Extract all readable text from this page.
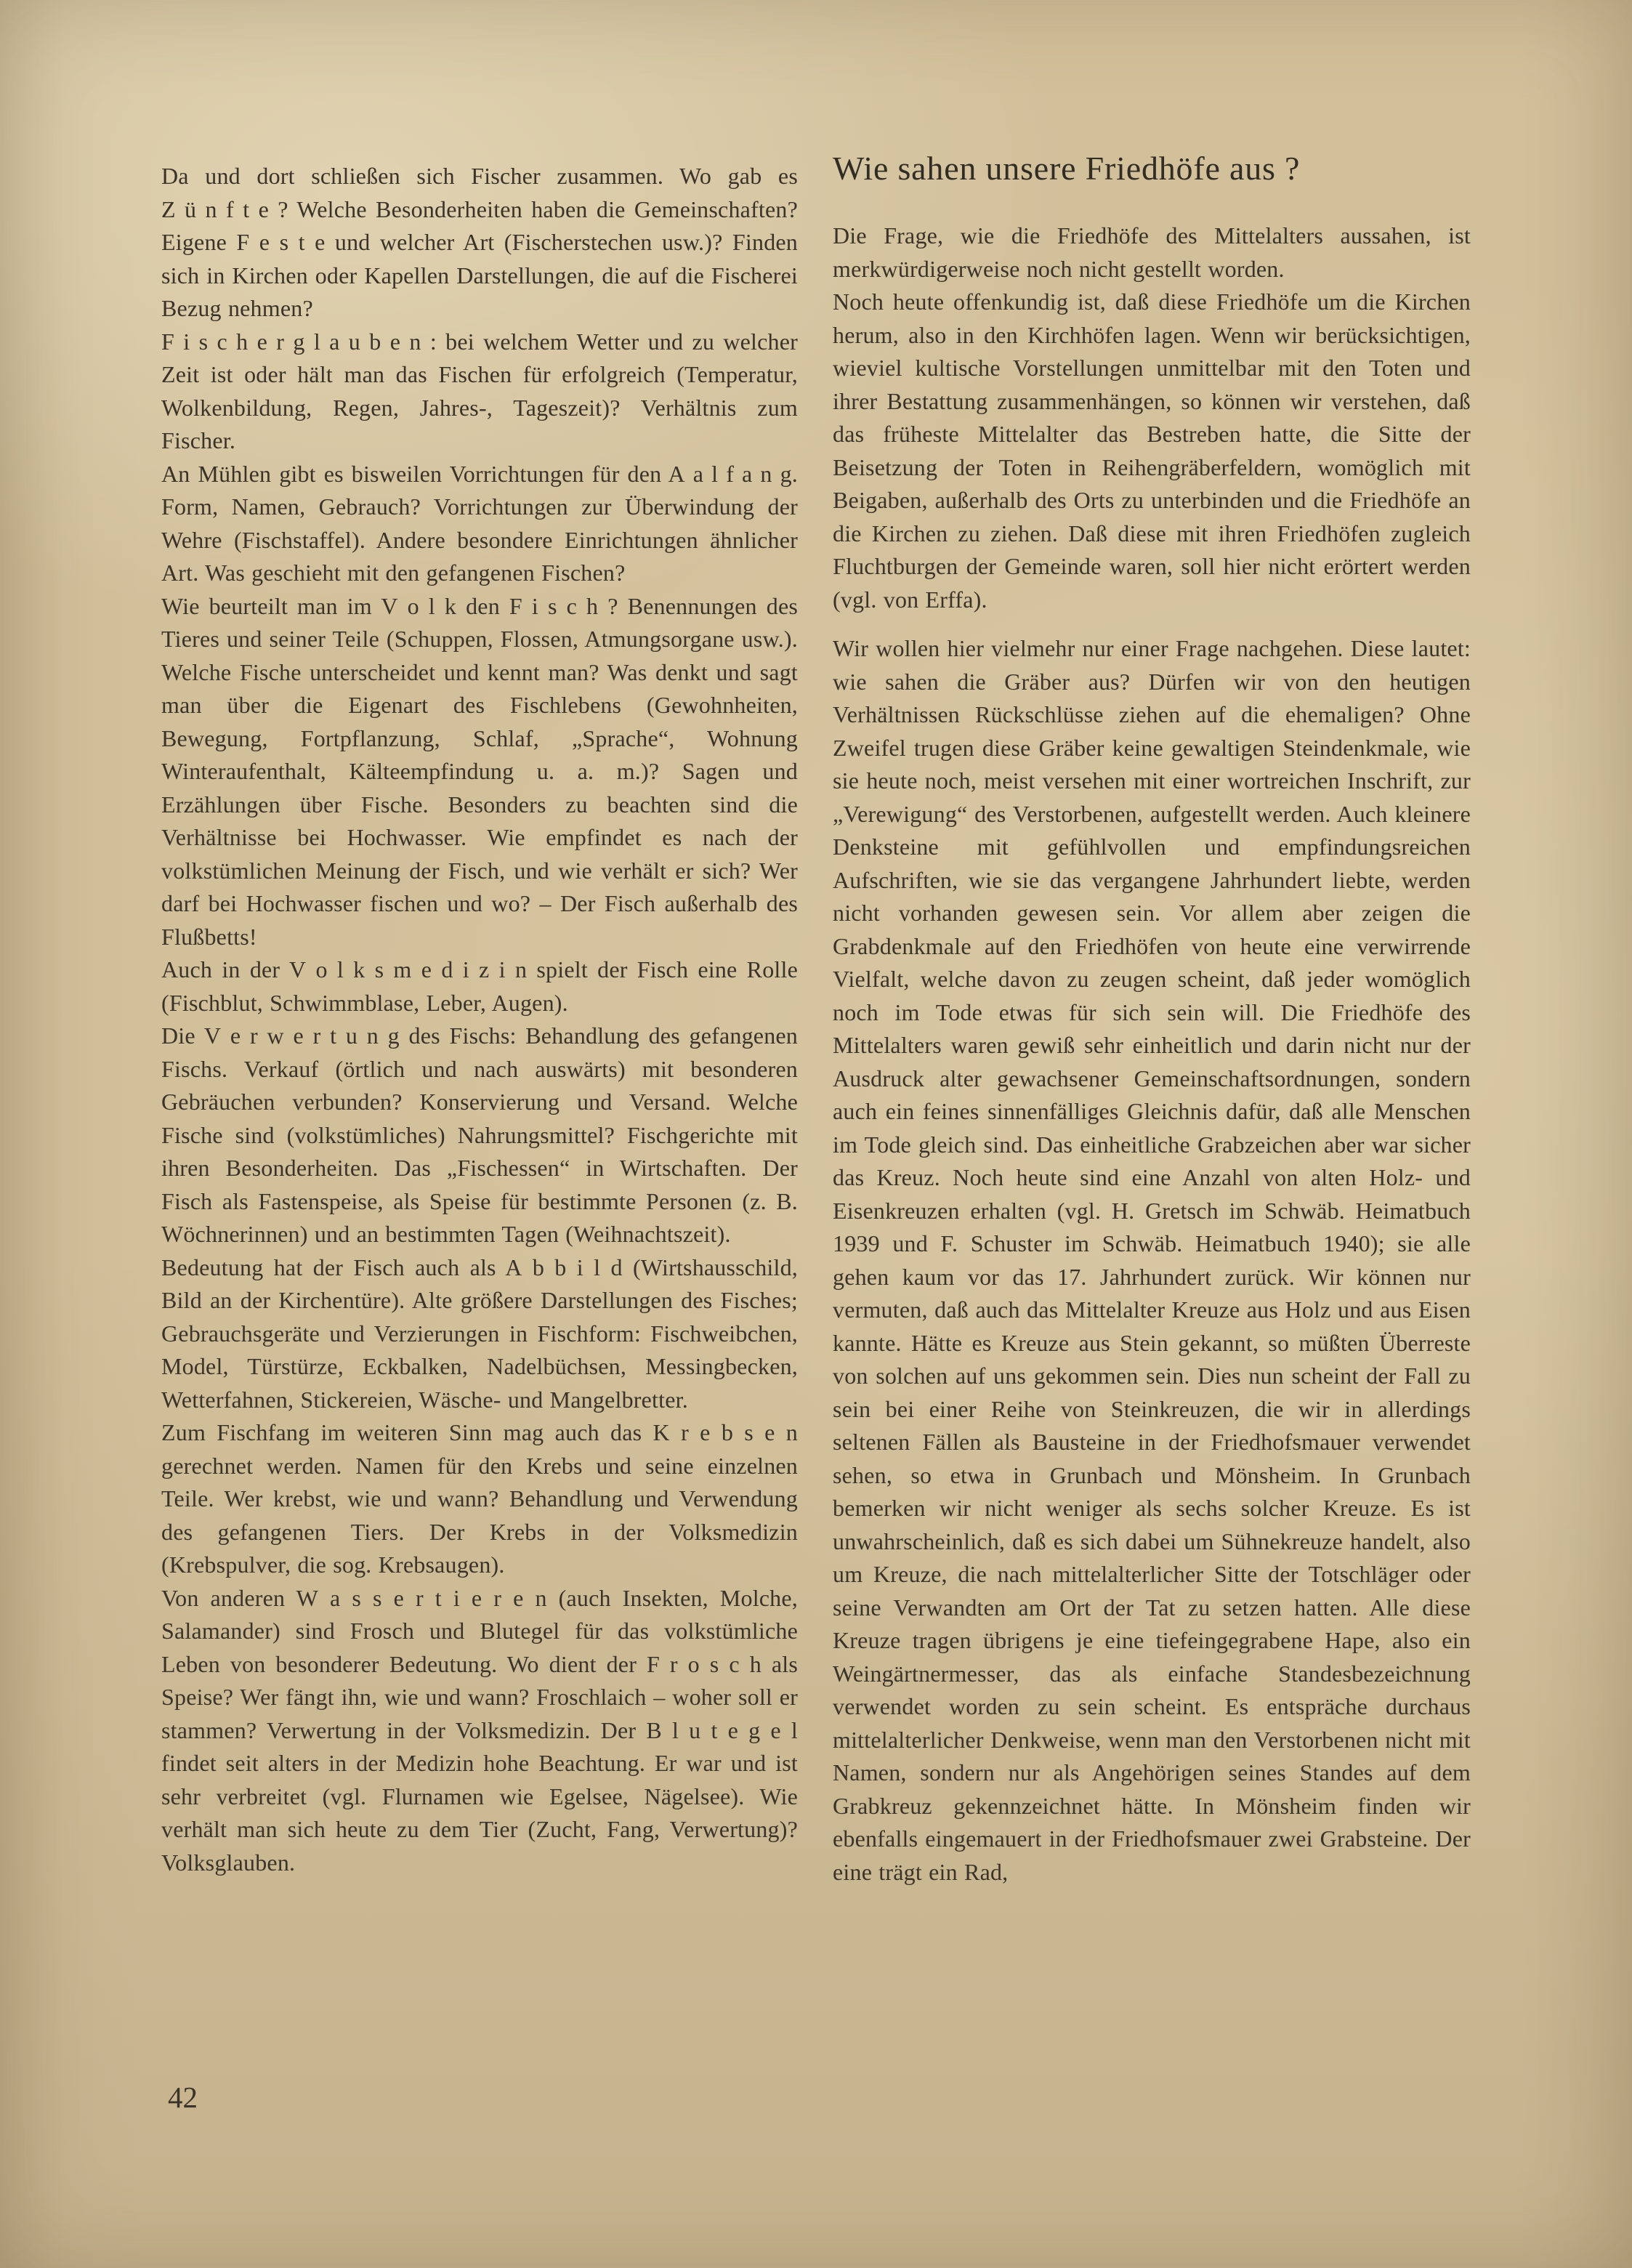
Da und dort schließen sich Fischer zusammen. Wo gab es Z ü n f t e ? Welche Besonderheiten haben die Gemeinschaften? Eigene F e s t e und welcher Art (Fischerstechen usw.)? Finden sich in Kirchen oder Kapellen Darstellungen, die auf die Fischerei Bezug nehmen?

F i s c h e r g l a u b e n : bei welchem Wetter und zu welcher Zeit ist oder hält man das Fischen für erfolgreich (Temperatur, Wolkenbildung, Regen, Jahres-, Tageszeit)? Verhältnis zum Fischer.

An Mühlen gibt es bisweilen Vorrichtungen für den A a l f a n g. Form, Namen, Gebrauch? Vorrichtungen zur Überwindung der Wehre (Fischstaffel). Andere besondere Einrichtungen ähnlicher Art. Was geschieht mit den gefangenen Fischen?

Wie beurteilt man im V o l k den F i s c h ? Benennungen des Tieres und seiner Teile (Schuppen, Flossen, Atmungsorgane usw.). Welche Fische unterscheidet und kennt man? Was denkt und sagt man über die Eigenart des Fischlebens (Gewohnheiten, Bewegung, Fortpflanzung, Schlaf, „Sprache“, Wohnung Winteraufenthalt, Kälteempfindung u. a. m.)? Sagen und Erzählungen über Fische. Besonders zu beachten sind die Verhältnisse bei Hochwasser. Wie empfindet es nach der volkstümlichen Meinung der Fisch, und wie verhält er sich? Wer darf bei Hochwasser fischen und wo? – Der Fisch außerhalb des Flußbetts!

Auch in der V o l k s m e d i z i n spielt der Fisch eine Rolle (Fischblut, Schwimmblase, Leber, Augen).

Die V e r w e r t u n g des Fischs: Behandlung des gefangenen Fischs. Verkauf (örtlich und nach auswärts) mit besonderen Gebräuchen verbunden? Konservierung und Versand. Welche Fische sind (volkstümliches) Nahrungsmittel? Fischgerichte mit ihren Besonderheiten. Das „Fischessen“ in Wirtschaften. Der Fisch als Fastenspeise, als Speise für bestimmte Personen (z. B. Wöchnerinnen) und an bestimmten Tagen (Weihnachtszeit).

Bedeutung hat der Fisch auch als A b b i l d (Wirtshausschild, Bild an der Kirchentüre). Alte größere Darstellungen des Fisches; Gebrauchsgeräte und Verzierungen in Fischform: Fischweibchen, Model, Türstürze, Eckbalken, Nadelbüchsen, Messingbecken, Wetterfahnen, Stickereien, Wäsche- und Mangelbretter.

Zum Fischfang im weiteren Sinn mag auch das K r e b s e n gerechnet werden. Namen für den Krebs und seine einzelnen Teile. Wer krebst, wie und wann? Behandlung und Verwendung des gefangenen Tiers. Der Krebs in der Volksmedizin (Krebspulver, die sog. Krebsaugen).

Von anderen W a s s e r t i e r e n (auch Insekten, Molche, Salamander) sind Frosch und Blutegel für das volkstümliche Leben von besonderer Bedeutung. Wo dient der F r o s c h als Speise? Wer fängt ihn, wie und wann? Froschlaich – woher soll er stammen? Verwertung in der Volksmedizin. Der B l u t e g e l findet seit alters in der Medizin hohe Beachtung. Er war und ist sehr verbreitet (vgl. Flurnamen wie Egelsee, Nägelsee). Wie verhält man sich heute zu dem Tier (Zucht, Fang, Verwertung)? Volksglauben.

Wie sahen unsere Friedhöfe aus ?

Die Frage, wie die Friedhöfe des Mittelalters aussahen, ist merkwürdigerweise noch nicht gestellt worden.

Noch heute offenkundig ist, daß diese Friedhöfe um die Kirchen herum, also in den Kirchhöfen lagen. Wenn wir berücksichtigen, wieviel kultische Vorstellungen unmittelbar mit den Toten und ihrer Bestattung zusammenhängen, so können wir verstehen, daß das früheste Mittelalter das Bestreben hatte, die Sitte der Beisetzung der Toten in Reihengräberfeldern, womöglich mit Beigaben, außerhalb des Orts zu unterbinden und die Friedhöfe an die Kirchen zu ziehen. Daß diese mit ihren Friedhöfen zugleich Fluchtburgen der Gemeinde waren, soll hier nicht erörtert werden (vgl. von Erffa).

Wir wollen hier vielmehr nur einer Frage nachgehen. Diese lautet: wie sahen die Gräber aus? Dürfen wir von den heutigen Verhältnissen Rückschlüsse ziehen auf die ehemaligen? Ohne Zweifel trugen diese Gräber keine gewaltigen Steindenkmale, wie sie heute noch, meist versehen mit einer wortreichen Inschrift, zur „Verewigung“ des Verstorbenen, aufgestellt werden. Auch kleinere Denksteine mit gefühlvollen und empfindungsreichen Aufschriften, wie sie das vergangene Jahrhundert liebte, werden nicht vorhanden gewesen sein. Vor allem aber zeigen die Grabdenkmale auf den Friedhöfen von heute eine verwirrende Vielfalt, welche davon zu zeugen scheint, daß jeder womöglich noch im Tode etwas für sich sein will. Die Friedhöfe des Mittelalters waren gewiß sehr einheitlich und darin nicht nur der Ausdruck alter gewachsener Gemeinschaftsordnungen, sondern auch ein feines sinnenfälliges Gleichnis dafür, daß alle Menschen im Tode gleich sind. Das einheitliche Grabzeichen aber war sicher das Kreuz. Noch heute sind eine Anzahl von alten Holz- und Eisenkreuzen erhalten (vgl. H. Gretsch im Schwäb. Heimatbuch 1939 und F. Schuster im Schwäb. Heimatbuch 1940); sie alle gehen kaum vor das 17. Jahrhundert zurück. Wir können nur vermuten, daß auch das Mittelalter Kreuze aus Holz und aus Eisen kannte. Hätte es Kreuze aus Stein gekannt, so müßten Überreste von solchen auf uns gekommen sein. Dies nun scheint der Fall zu sein bei einer Reihe von Steinkreuzen, die wir in allerdings seltenen Fällen als Bausteine in der Friedhofsmauer verwendet sehen, so etwa in Grunbach und Mönsheim. In Grunbach bemerken wir nicht weniger als sechs solcher Kreuze. Es ist unwahrscheinlich, daß es sich dabei um Sühnekreuze handelt, also um Kreuze, die nach mittelalterlicher Sitte der Totschläger oder seine Verwandten am Ort der Tat zu setzen hatten. Alle diese Kreuze tragen übrigens je eine tiefeingegrabene Hape, also ein Weingärtnermesser, das als einfache Standesbezeichnung verwendet worden zu sein scheint. Es entspräche durchaus mittelalterlicher Denkweise, wenn man den Verstorbenen nicht mit Namen, sondern nur als Angehörigen seines Standes auf dem Grabkreuz gekennzeichnet hätte. In Mönsheim finden wir ebenfalls eingemauert in der Friedhofsmauer zwei Grabsteine. Der eine trägt ein Rad,

42
